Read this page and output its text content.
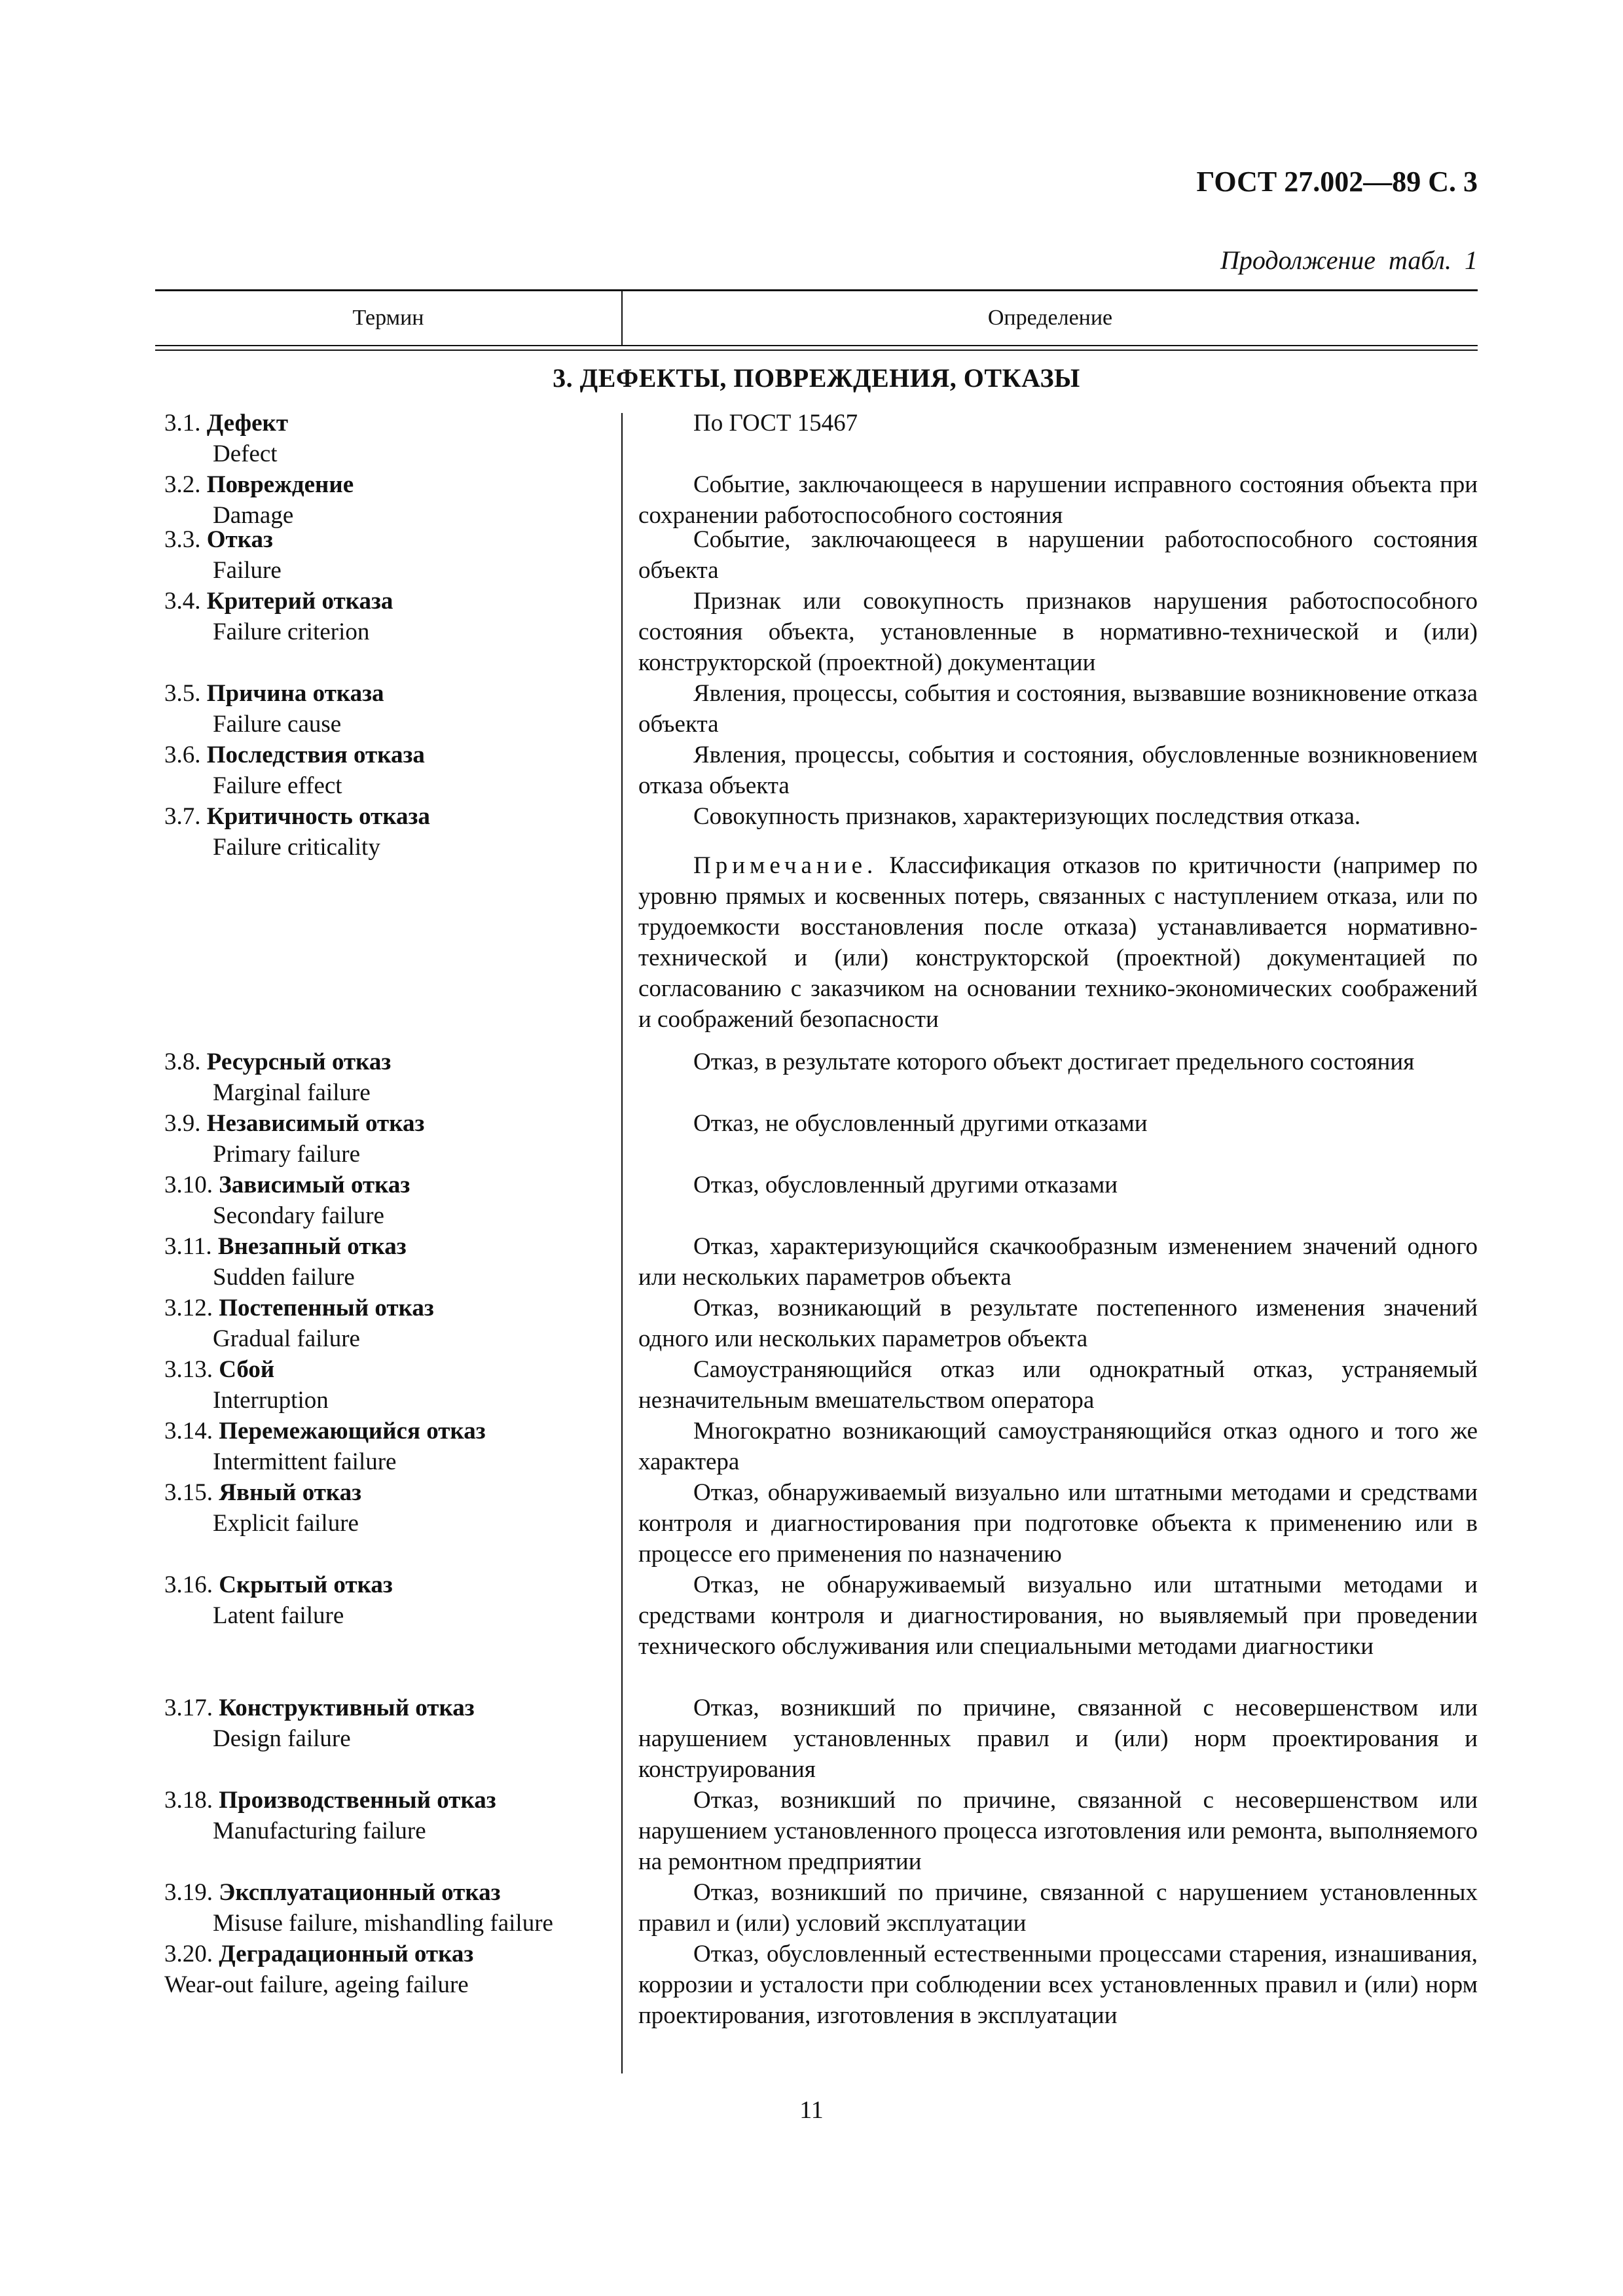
ГОСТ 27.002—89 С. 3
Продолжение табл. 1
Термин	Определение
3. ДЕФЕКТЫ, ПОВРЕЖДЕНИЯ, ОТКАЗЫ
3.1. Дефект
Defect

По ГОСТ 15467

3.2. Повреждение
Damage

Событие, заключающееся в нарушении исправного состояния объекта при сохранении работоспособного состояния

3.3. Отказ
Failure

Событие, заключающееся в нарушении работоспособного состояния объекта

3.4. Критерий отказа
Failure criterion

Признак или совокупность признаков нарушения работоспособного состояния объекта, установленные в нормативно-технической и (или) конструкторской (проектной) документации

3.5. Причина отказа
Failure cause

Явления, процессы, события и состояния, вызвавшие возникновение отказа объекта

3.6. Последствия отказа
Failure effect

Явления, процессы, события и состояния, обусловленные возникновением отказа объекта

3.7. Критичность отказа
Failure criticality

Совокупность признаков, характеризующих последствия отказа.

Примечание. Классификация отказов по критичности (например по уровню прямых и косвенных потерь, связанных с наступлением отказа, или по трудоемкости восстановления после отказа) устанавливается нормативно-технической и (или) конструкторской (проектной) документацией по согласованию с заказчиком на основании технико-экономических соображений и соображений безопасности

3.8. Ресурсный отказ
Marginal failure

Отказ, в результате которого объект достигает предельного состояния

3.9. Независимый отказ
Primary failure

Отказ, не обусловленный другими отказами

3.10. Зависимый отказ
Secondary failure

Отказ, обусловленный другими отказами

3.11. Внезапный отказ
Sudden failure

Отказ, характеризующийся скачкообразным изменением значений одного или нескольких параметров объекта

3.12. Постепенный отказ
Gradual failure

Отказ, возникающий в результате постепенного изменения значений одного или нескольких параметров объекта

3.13. Сбой
Interruption

Самоустраняющийся отказ или однократный отказ, устраняемый незначительным вмешательством оператора

3.14. Перемежающийся отказ
Intermittent failure

Многократно возникающий самоустраняющийся отказ одного и того же характера

3.15. Явный отказ
Explicit failure

Отказ, обнаруживаемый визуально или штатными методами и средствами контроля и диагностирования при подготовке объекта к применению или в процессе его применения по назначению

3.16. Скрытый отказ
Latent failure

Отказ, не обнаруживаемый визуально или штатными методами и средствами контроля и диагностирования, но выявляемый при проведении технического обслуживания или специальными методами диагностики

3.17. Конструктивный отказ
Design failure

Отказ, возникший по причине, связанной с несовершенством или нарушением установленных правил и (или) норм проектирования и конструирования

3.18. Производственный отказ
Manufacturing failure

Отказ, возникший по причине, связанной с несовершенством или нарушением установленного процесса изготовления или ремонта, выполняемого на ремонтном предприятии

3.19. Эксплуатационный отказ
Misuse failure, mishandling failure

Отказ, возникший по причине, связанной с нарушением установленных правил и (или) условий эксплуатации

3.20. Деградационный отказ
Wear-out failure, ageing failure

Отказ, обусловленный естественными процессами старения, изнашивания, коррозии и усталости при соблюдении всех установленных правил и (или) норм проектирования, изготовления в эксплуатации

11
